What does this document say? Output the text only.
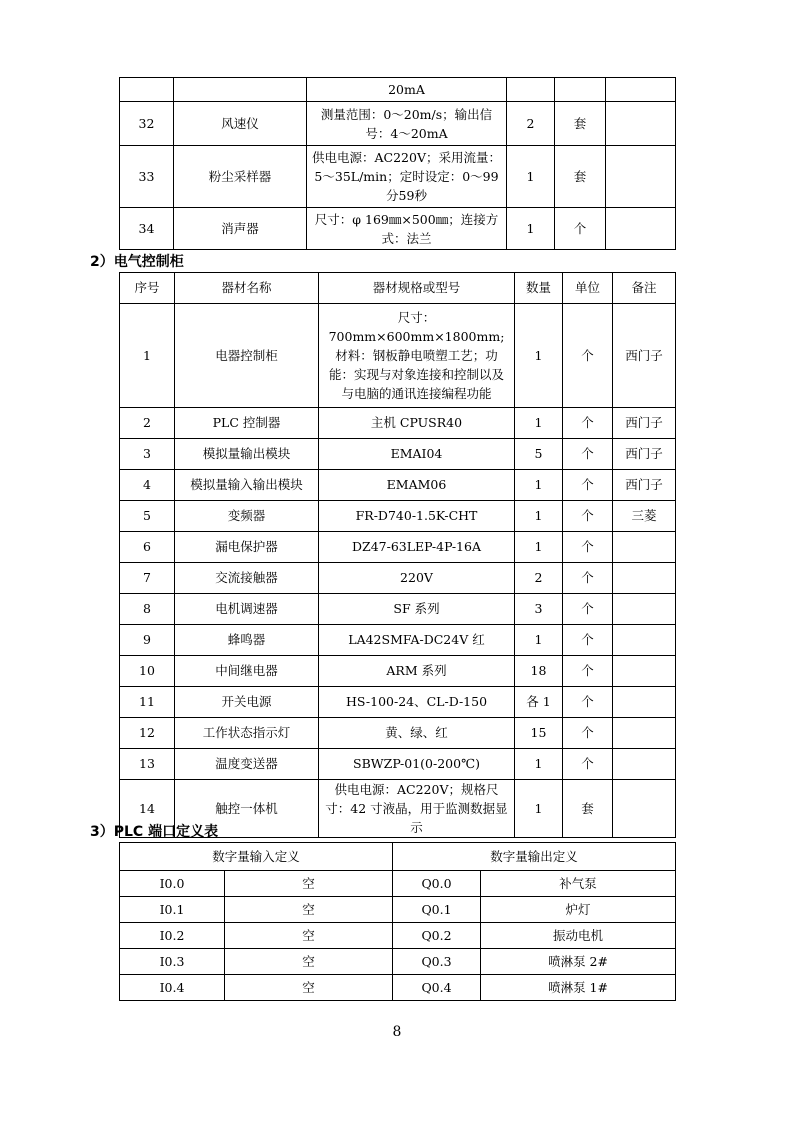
		20mA			
32	风速仪	测量范围：0～20m/s；输出信号：4～20mA	2	套	
33	粉尘采样器	供电电源：AC220V；采用流量：5～35L/min；定时设定：0～99分59秒	1	套	
34	消声器	尺寸：φ 169㎜×500㎜；连接方式：法兰	1	个	
2）电气控制柜
序号	器材名称	器材规格或型号	数量	单位	备注
1	电器控制柜	尺寸：700mm×600mm×1800mm;材料：钢板静电喷塑工艺；功能：实现与对象连接和控制以及与电脑的通讯连接编程功能	1	个	西门子
2	PLC 控制器	主机 CPUSR40	1	个	西门子
3	模拟量输出模块	EMAI04	5	个	西门子
4	模拟量输入输出模块	EMAM06	1	个	西门子
5	变频器	FR-D740-1.5K-CHT	1	个	三菱
6	漏电保护器	DZ47-63LEP-4P-16A	1	个	
7	交流接触器	220V	2	个	
8	电机调速器	SF 系列	3	个	
9	蜂鸣器	LA42SMFA-DC24V 红	1	个	
10	中间继电器	ARM 系列	18	个	
11	开关电源	HS-100-24、CL-D-150	各 1	个	
12	工作状态指示灯	黄、绿、红	15	个	
13	温度变送器	SBWZP-01(0-200℃)	1	个	
14	触控一体机	供电电源：AC220V；规格尺寸：42 寸液晶，用于监测数据显示	1	套	
3）PLC 端口定义表
数字量输入定义		数字量输出定义	
I0.0	空	Q0.0	补气泵
I0.1	空	Q0.1	炉灯
I0.2	空	Q0.2	振动电机
I0.3	空	Q0.3	喷淋泵 2#
I0.4	空	Q0.4	喷淋泵 1#
8
